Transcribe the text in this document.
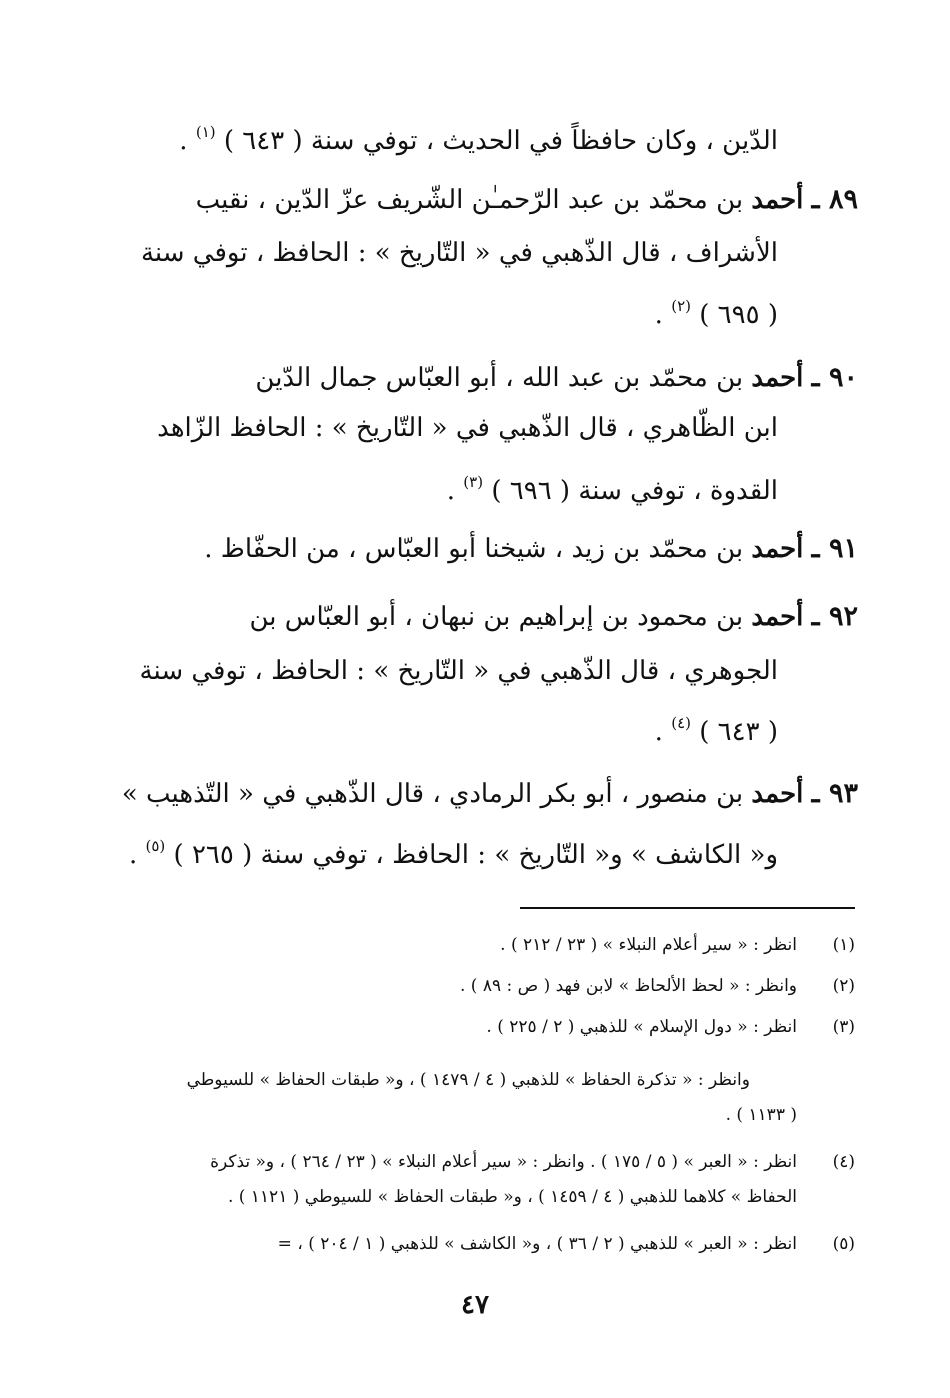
الدّين ، وكان حافظاً في الحديث ، توفي سنة ( ٦٤٣ ) $^{(١)}$ .
٨٩ ـ أحمد بن محمّد بن عبد الرّحمـٰن الشّريف عزّ الدّين ، نقيب
الأشراف ، قال الذّهبي في « التّاريخ » : الحافظ ، توفي سنة
( ٦٩٥ ) $^{(٢)}$ .
٩٠ ـ أحمد بن محمّد بن عبد الله ، أبو العبّاس جمال الدّين
ابن الظّاهري ، قال الذّهبي في « التّاريخ » : الحافظ الزّاهد
القدوة ، توفي سنة ( ٦٩٦ ) $^{(٣)}$ .
٩١ ـ أحمد بن محمّد بن زيد ، شيخنا أبو العبّاس ، من الحفّاظ .
٩٢ ـ أحمد بن محمود بن إبراهيم بن نبهان ، أبو العبّاس بن
الجوهري ، قال الذّهبي في « التّاريخ » : الحافظ ، توفي سنة
( ٦٤٣ ) $^{(٤)}$ .
٩٣ ـ أحمد بن منصور ، أبو بكر الرمادي ، قال الذّهبي في « التّذهيب »
و« الكاشف » و« التّاريخ » : الحافظ ، توفي سنة ( ٢٦٥ ) $^{(٥)}$ .
(١)انظر : « سير أعلام النبلاء » ( ٢٣ / ٢١٢ ) .
(٢)وانظر : « لحظ الألحاظ » لابن فهد ( ص : ٨٩ ) .
(٣)انظر : « دول الإسلام » للذهبي ( ٢ / ٢٢٥ ) .
وانظر : « تذكرة الحفاظ » للذهبي ( ٤ / ١٤٧٩ ) ، و« طبقات الحفاظ » للسيوطي
( ١١٣٣ ) .
(٤)انظر : « العبر » ( ٥ / ١٧٥ ) . وانظر : « سير أعلام النبلاء » ( ٢٣ / ٢٦٤ ) ، و« تذكرة
الحفاظ » كلاهما للذهبي ( ٤ / ١٤٥٩ ) ، و« طبقات الحفاظ » للسيوطي ( ١١٢١ ) .
(٥)انظر : « العبر » للذهبي ( ٢ / ٣٦ ) ، و« الكاشف » للذهبي ( ١ / ٢٠٤ ) ، =
٤٧
